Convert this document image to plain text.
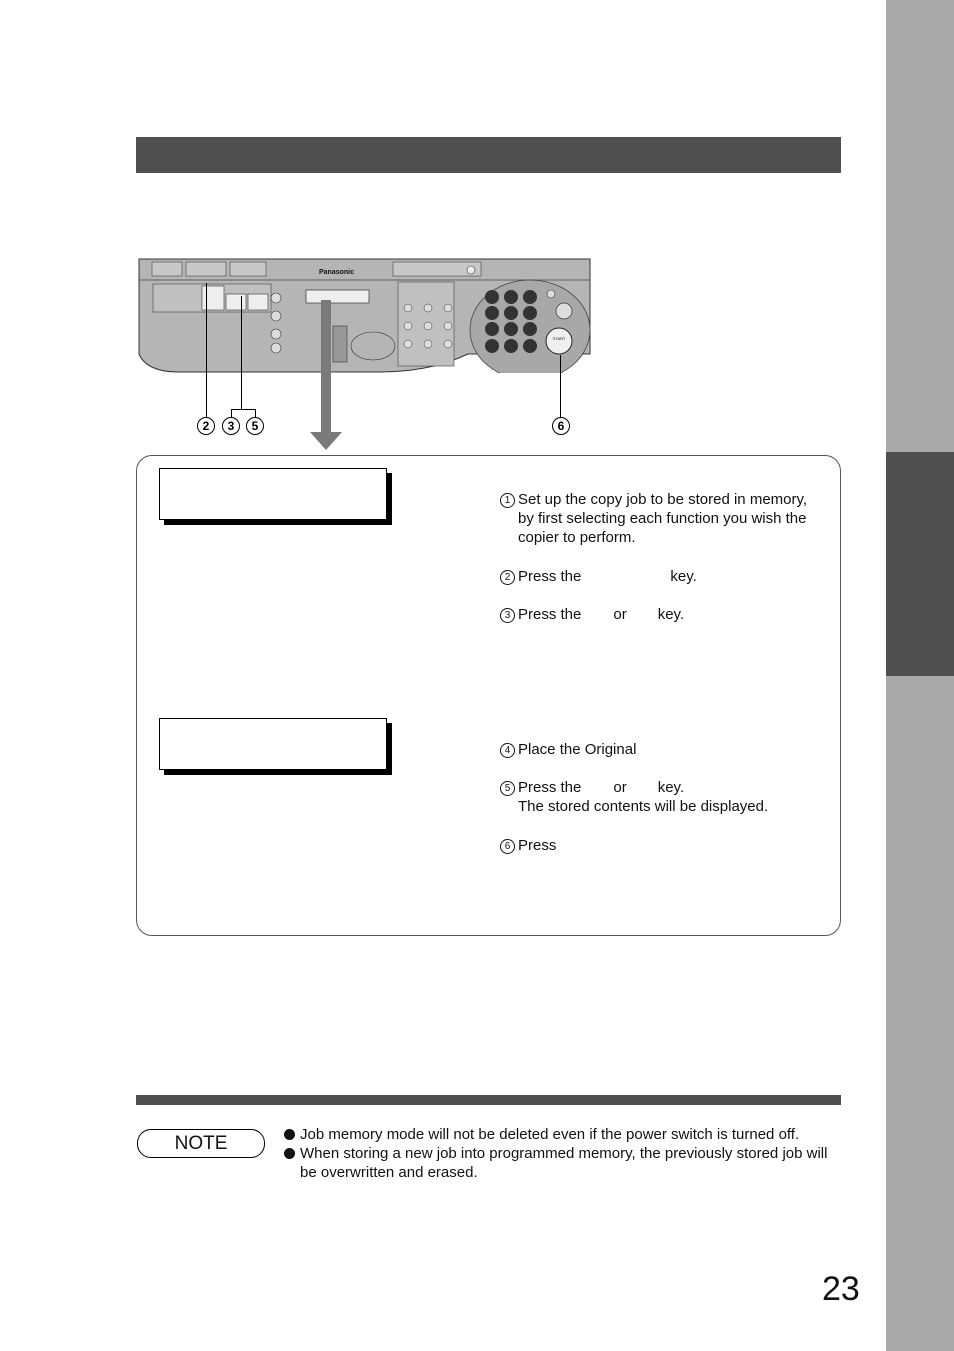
Panasonic
START
2	3	5	6
1 Set up the copy job to be stored in memory,
by first selecting each function you wish the
copier to perform.
2 Press the	key.
3 Press the or key.
4 Place the Original
5 Press the or key.
The stored contents will be displayed.
6 Press
NOTE	Job memory mode will not be deleted even if the power switch is turned off.
When storing a new job into programmed memory, the previously stored job will be overwritten and erased.
23
